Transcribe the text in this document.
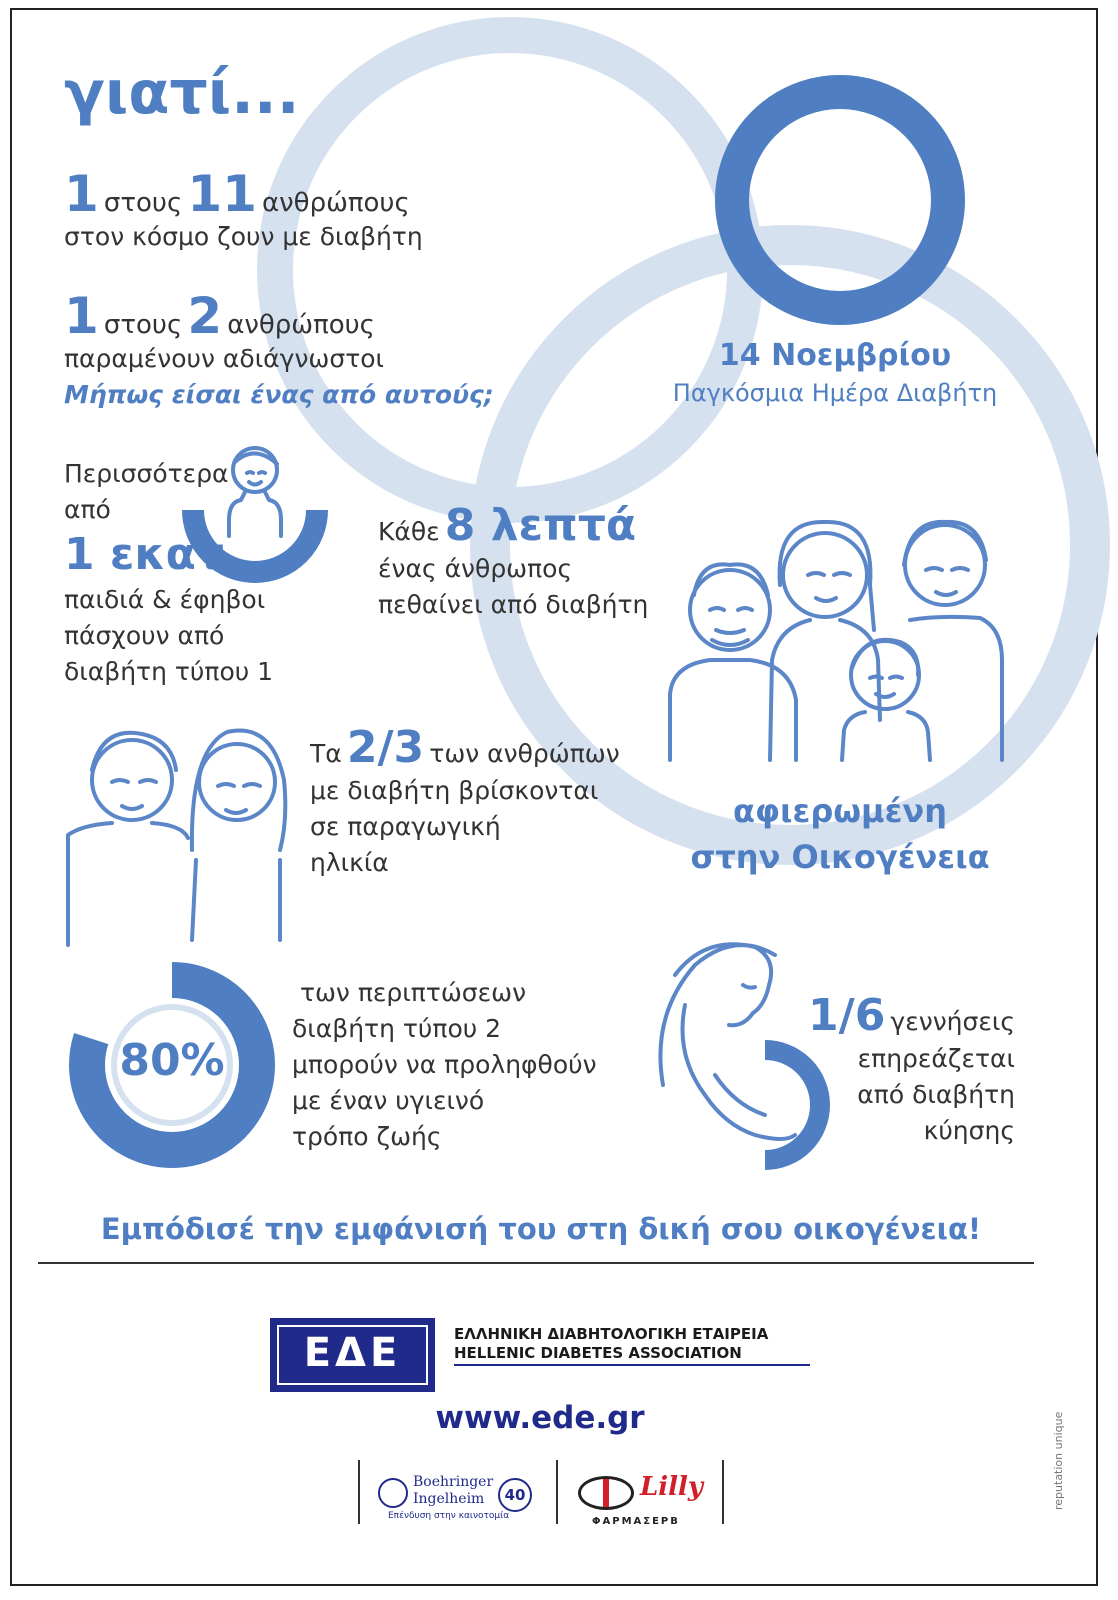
γιατί...
1 στους 11 ανθρώπους
στον κόσμο ζουν με διαβήτη
1 στους 2 ανθρώπους
παραμένουν αδιάγνωστοι
Μήπως είσαι ένας από αυτούς;
14 Νοεμβρίου
Παγκόσμια Ημέρα Διαβήτη
Περισσότερα
από
1 εκατ.
παιδιά & έφηβοι
πάσχουν από
διαβήτη τύπου 1
Κάθε 8 λεπτά
ένας άνθρωπος
πεθαίνει από διαβήτη
Τα 2/3 των ανθρώπων
με διαβήτη βρίσκονται
σε παραγωγική
ηλικία
αφιερωμένη
στην Οικογένεια
80%
των περιπτώσεων
διαβήτη τύπου 2
μπορούν να προληφθούν
με έναν υγιεινό
τρόπο ζωής
1/6 γεννήσεις
επηρεάζεται
από διαβήτη
κύησης
Εμπόδισέ την εμφάνισή του στη δική σου οικογένεια!
ΕΔΕ	ΕΛΛΗΝΙΚΗ ΔΙΑΒΗΤΟΛΟΓΙΚΗ ΕΤΑΙΡΕΙΑ
HELLENIC DIABETES ASSOCIATION
www.ede.gr
Boehringer
Ingelheim
Επένδυση στην καινοτομία
40	Lilly
ΦΑΡΜΑΣΕΡΒ
reputation unique
